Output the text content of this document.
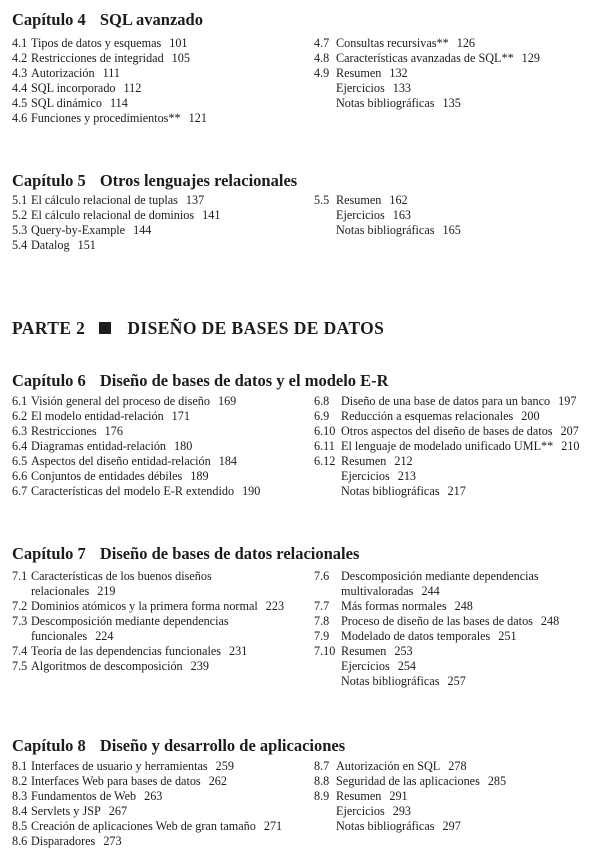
Capítulo 4 SQL avanzado
4.1 Tipos de datos y esquemas 101
4.2 Restricciones de integridad 105
4.3 Autorización 111
4.4 SQL incorporado 112
4.5 SQL dinámico 114
4.6 Funciones y procedimientos** 121
4.7 Consultas recursivas** 126
4.8 Características avanzadas de SQL** 129
4.9 Resumen 132
Ejercicios 133
Notas bibliográficas 135
Capítulo 5 Otros lenguajes relacionales
5.1 El cálculo relacional de tuplas 137
5.2 El cálculo relacional de dominios 141
5.3 Query-by-Example 144
5.4 Datalog 151
5.5 Resumen 162
Ejercicios 163
Notas bibliográficas 165
PARTE 2 DISEÑO DE BASES DE DATOS
Capítulo 6 Diseño de bases de datos y el modelo E-R
6.1 Visión general del proceso de diseño 169
6.2 El modelo entidad-relación 171
6.3 Restricciones 176
6.4 Diagramas entidad-relación 180
6.5 Aspectos del diseño entidad-relación 184
6.6 Conjuntos de entidades débiles 189
6.7 Características del modelo E-R extendido 190
6.8 Diseño de una base de datos para un banco 197
6.9 Reducción a esquemas relacionales 200
6.10 Otros aspectos del diseño de bases de datos 207
6.11 El lenguaje de modelado unificado UML** 210
6.12 Resumen 212
Ejercicios 213
Notas bibliográficas 217
Capítulo 7 Diseño de bases de datos relacionales
7.1 Características de los buenos diseños
relacionales 219
7.2 Dominios atómicos y la primera forma normal 223
7.3 Descomposición mediante dependencias
funcionales 224
7.4 Teoría de las dependencias funcionales 231
7.5 Algoritmos de descomposición 239
7.6 Descomposición mediante dependencias
multivaloradas 244
7.7 Más formas normales 248
7.8 Proceso de diseño de las bases de datos 248
7.9 Modelado de datos temporales 251
7.10 Resumen 253
Ejercicios 254
Notas bibliográficas 257
Capítulo 8 Diseño y desarrollo de aplicaciones
8.1 Interfaces de usuario y herramientas 259
8.2 Interfaces Web para bases de datos 262
8.3 Fundamentos de Web 263
8.4 Servlets y JSP 267
8.5 Creación de aplicaciones Web de gran tamaño 271
8.6 Disparadores 273
8.7 Autorización en SQL 278
8.8 Seguridad de las aplicaciones 285
8.9 Resumen 291
Ejercicios 293
Notas bibliográficas 297
